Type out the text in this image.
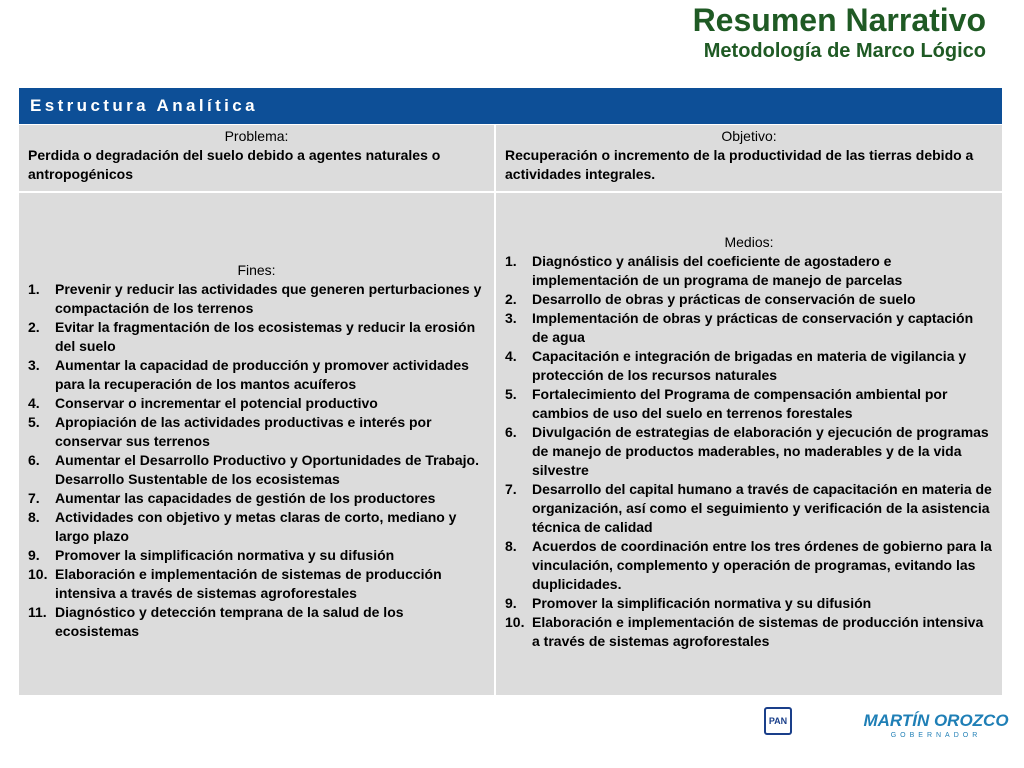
Resumen Narrativo
Metodología de Marco Lógico
Estructura Analítica
Problema:
Perdida o degradación del suelo debido a agentes naturales o antropogénicos
Objetivo:
Recuperación o incremento de la productividad de las tierras debido a actividades integrales.
Fines:
1. Prevenir y reducir las actividades que generen perturbaciones y compactación de los terrenos
2. Evitar la fragmentación de los ecosistemas y reducir la erosión del suelo
3. Aumentar la capacidad de producción y promover actividades para la recuperación de los mantos acuíferos
4. Conservar o incrementar el potencial productivo
5. Apropiación de las actividades productivas e interés por conservar sus terrenos
6. Aumentar el Desarrollo Productivo y Oportunidades de Trabajo. Desarrollo Sustentable de los ecosistemas
7. Aumentar las capacidades de gestión de los productores
8. Actividades con objetivo y metas claras de corto, mediano y largo plazo
9. Promover la simplificación normativa y su difusión
10. Elaboración e implementación de sistemas de producción intensiva a través de sistemas agroforestales
11. Diagnóstico y detección temprana de la salud de los ecosistemas
Medios:
1. Diagnóstico y análisis del coeficiente de agostadero e implementación de un programa de manejo de parcelas
2. Desarrollo de obras y prácticas de conservación de suelo
3. Implementación de obras y prácticas de conservación y captación de agua
4. Capacitación e integración de brigadas en materia de vigilancia y protección de los recursos naturales
5. Fortalecimiento del Programa de compensación ambiental por cambios de uso del suelo en terrenos forestales
6. Divulgación de estrategias de elaboración y ejecución de programas de manejo de productos maderables, no maderables y de la vida silvestre
7. Desarrollo del capital humano a través de capacitación en materia de organización, así como el seguimiento y verificación de la asistencia técnica de calidad
8. Acuerdos de coordinación entre los tres órdenes de gobierno para la vinculación, complemento y operación de programas, evitando las duplicidades.
9. Promover la simplificación normativa y su difusión
10. Elaboración e implementación de sistemas de producción intensiva a través de sistemas agroforestales
PAN	MARTÍN OROZCO
GOBERNADOR
